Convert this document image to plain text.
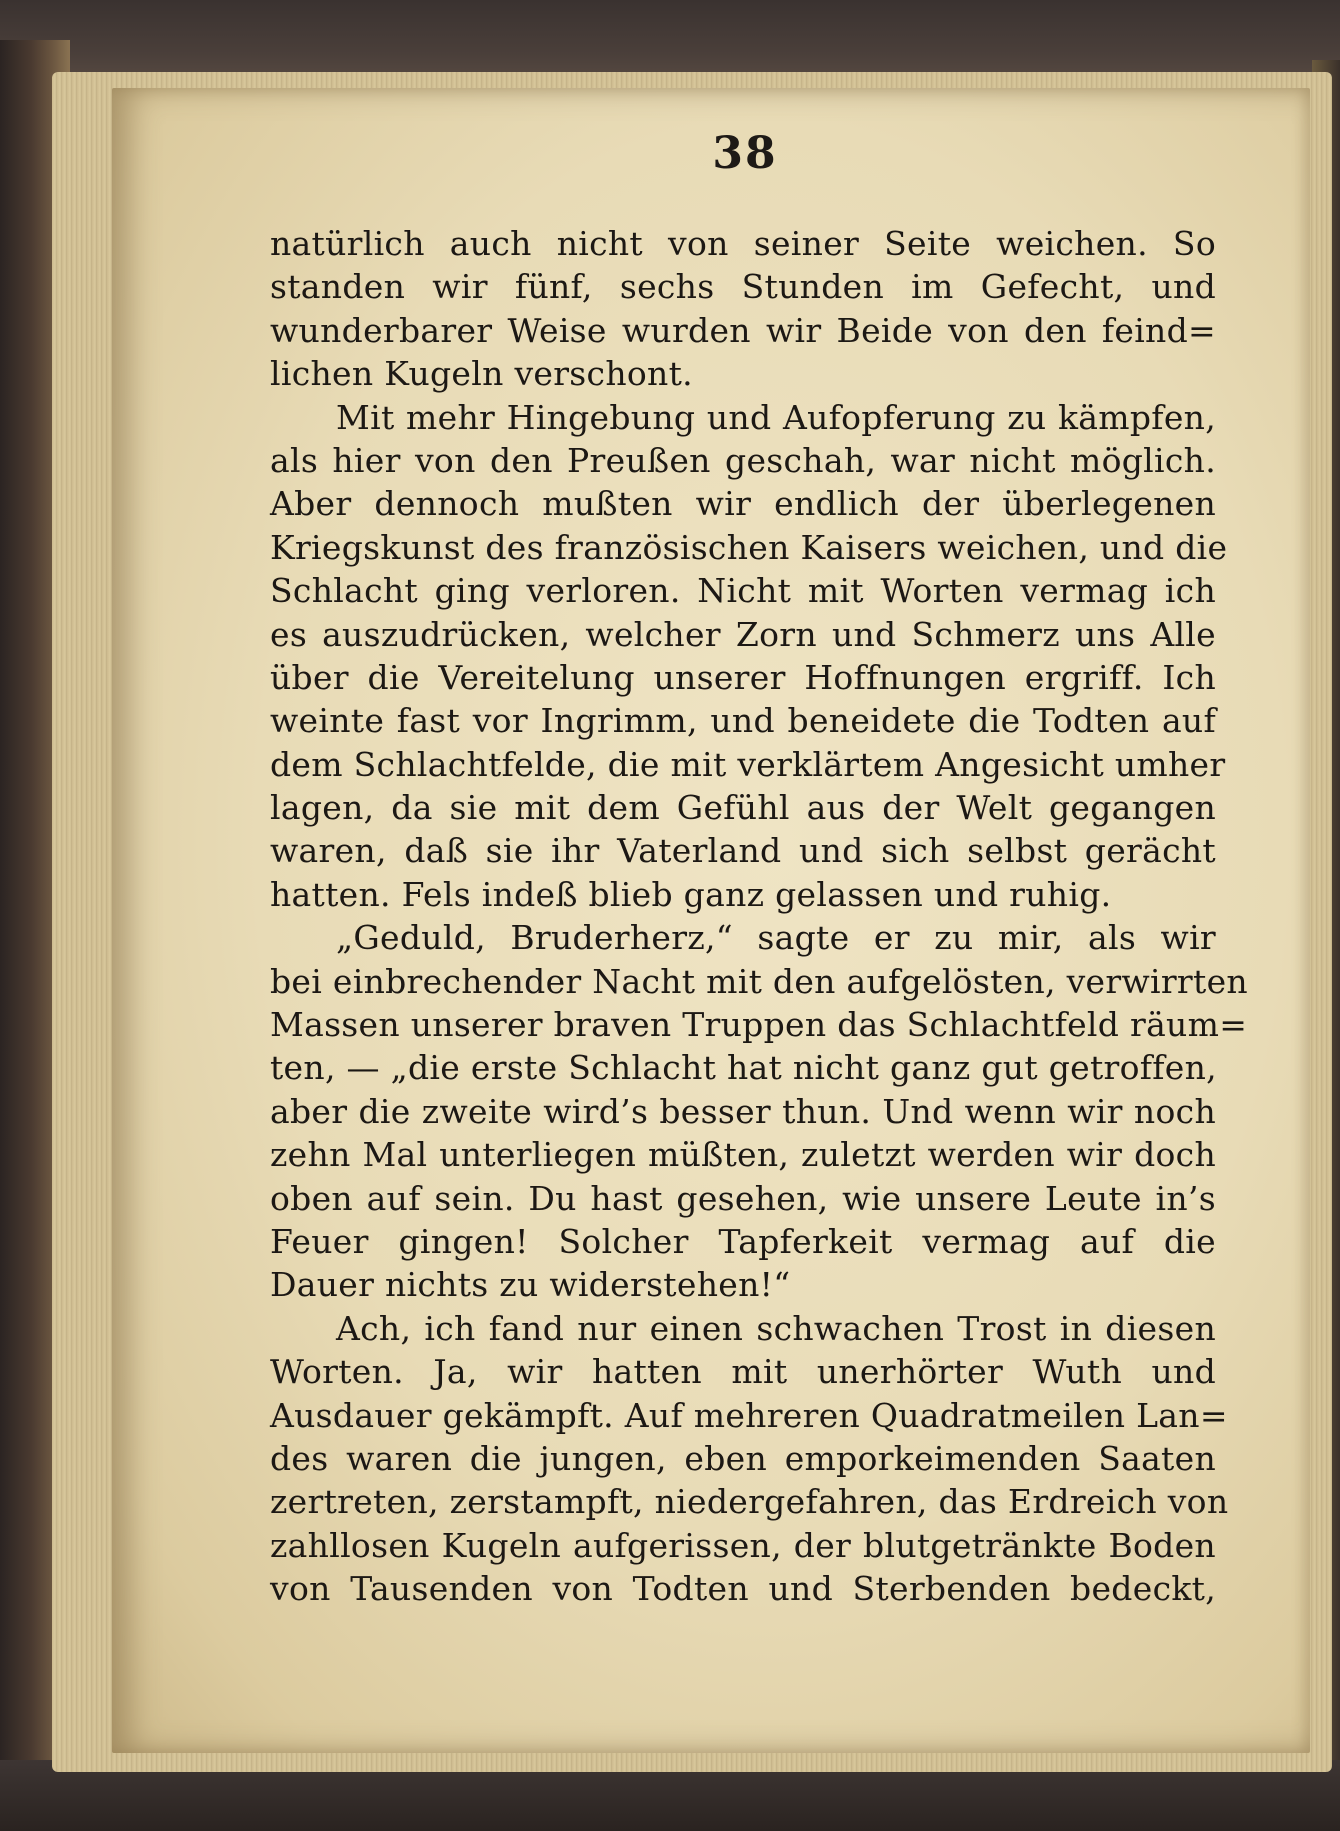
38
natürlich auch nicht von seiner Seite weichen. So
standen wir fünf, sechs Stunden im Gefecht, und
wunderbarer Weise wurden wir Beide von den feind=
lichen Kugeln verschont.
Mit mehr Hingebung und Aufopferung zu kämpfen,
als hier von den Preußen geschah, war nicht möglich.
Aber dennoch mußten wir endlich der überlegenen
Kriegskunst des französischen Kaisers weichen, und die
Schlacht ging verloren. Nicht mit Worten vermag ich
es auszudrücken, welcher Zorn und Schmerz uns Alle
über die Vereitelung unserer Hoffnungen ergriff. Ich
weinte fast vor Ingrimm, und beneidete die Todten auf
dem Schlachtfelde, die mit verklärtem Angesicht umher
lagen, da sie mit dem Gefühl aus der Welt gegangen
waren, daß sie ihr Vaterland und sich selbst gerächt
hatten. Fels indeß blieb ganz gelassen und ruhig.
„Geduld, Bruderherz,“ sagte er zu mir, als wir
bei einbrechender Nacht mit den aufgelösten, verwirrten
Massen unserer braven Truppen das Schlachtfeld räum=
ten, — „die erste Schlacht hat nicht ganz gut getroffen,
aber die zweite wird’s besser thun. Und wenn wir noch
zehn Mal unterliegen müßten, zuletzt werden wir doch
oben auf sein. Du hast gesehen, wie unsere Leute in’s
Feuer gingen! Solcher Tapferkeit vermag auf die
Dauer nichts zu widerstehen!“
Ach, ich fand nur einen schwachen Trost in diesen
Worten. Ja, wir hatten mit unerhörter Wuth und
Ausdauer gekämpft. Auf mehreren Quadratmeilen Lan=
des waren die jungen, eben emporkeimenden Saaten
zertreten, zerstampft, niedergefahren, das Erdreich von
zahllosen Kugeln aufgerissen, der blutgetränkte Boden
von Tausenden von Todten und Sterbenden bedeckt,
